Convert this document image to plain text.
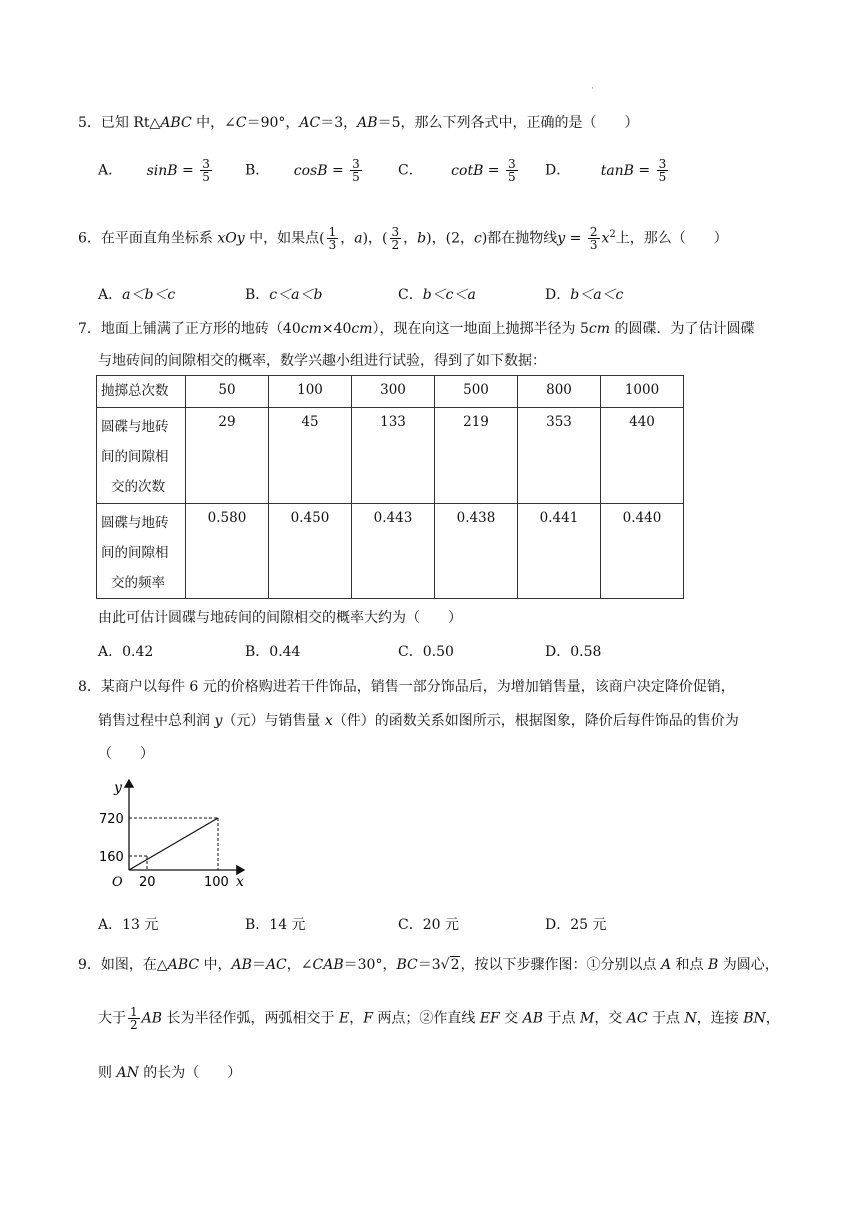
·
5．已知 Rt△ABC 中，∠C＝90°，AC＝3，AB＝5，那么下列各式中，正确的是（　　）
A． $\sin B = \frac{3}{5}$ B． $\cos B = \frac{3}{5}$	C． $\cot B = \frac{3}{5}$ D． $\tan B = \frac{3}{5}$
6．在平面直角坐标系 xOy 中，如果点( $\frac{1}{3}$ ，a)，( $\frac{3}{2}$ ，b)，(2，c)都在抛物线$y = \frac{2}{3} x^2$上，那么（　　）
A．a＜b＜c	B．c＜a＜b	C．b＜c＜a	D．b＜a＜c
7．地面上铺满了正方形的地砖（40cm×40cm），现在向这一地面上抛掷半径为 5cm 的圆碟．为了估计圆碟
与地砖间的间隙相交的概率，数学兴趣小组进行试验，得到了如下数据：
抛掷总次数	50	100	300	500	800	1000

圆碟与地砖
间的间隙相
交的次数	29	45	133	219	353	440

圆碟与地砖
间的间隙相
交的频率	0.580	0.450	0.443	0.438	0.441	0.440
由此可估计圆碟与地砖间的间隙相交的概率大约为（　　）
A．0.42	B．0.44	C．0.50	D．0.58
8．某商户以每件 6 元的价格购进若干件饰品，销售一部分饰品后，为增加销售量，该商户决定降价促销，
销售过程中总利润 y（元）与销售量 x（件）的函数关系如图所示，根据图象，降价后每件饰品的售价为
（　　）
y
x
O
720
160
20	100
A．13 元	B．14 元	C．20 元	D．25 元
9．如图，在△ABC 中，AB＝AC，∠CAB＝30°，BC＝3√2，按以下步骤作图：①分别以点 A 和点 B 为圆心，
大于 $\frac{1}{2}$ AB 长为半径作弧，两弧相交于 E，F 两点；②作直线 EF 交 AB 于点 M，交 AC 于点 N，连接 BN，
则 AN 的长为（　　）
